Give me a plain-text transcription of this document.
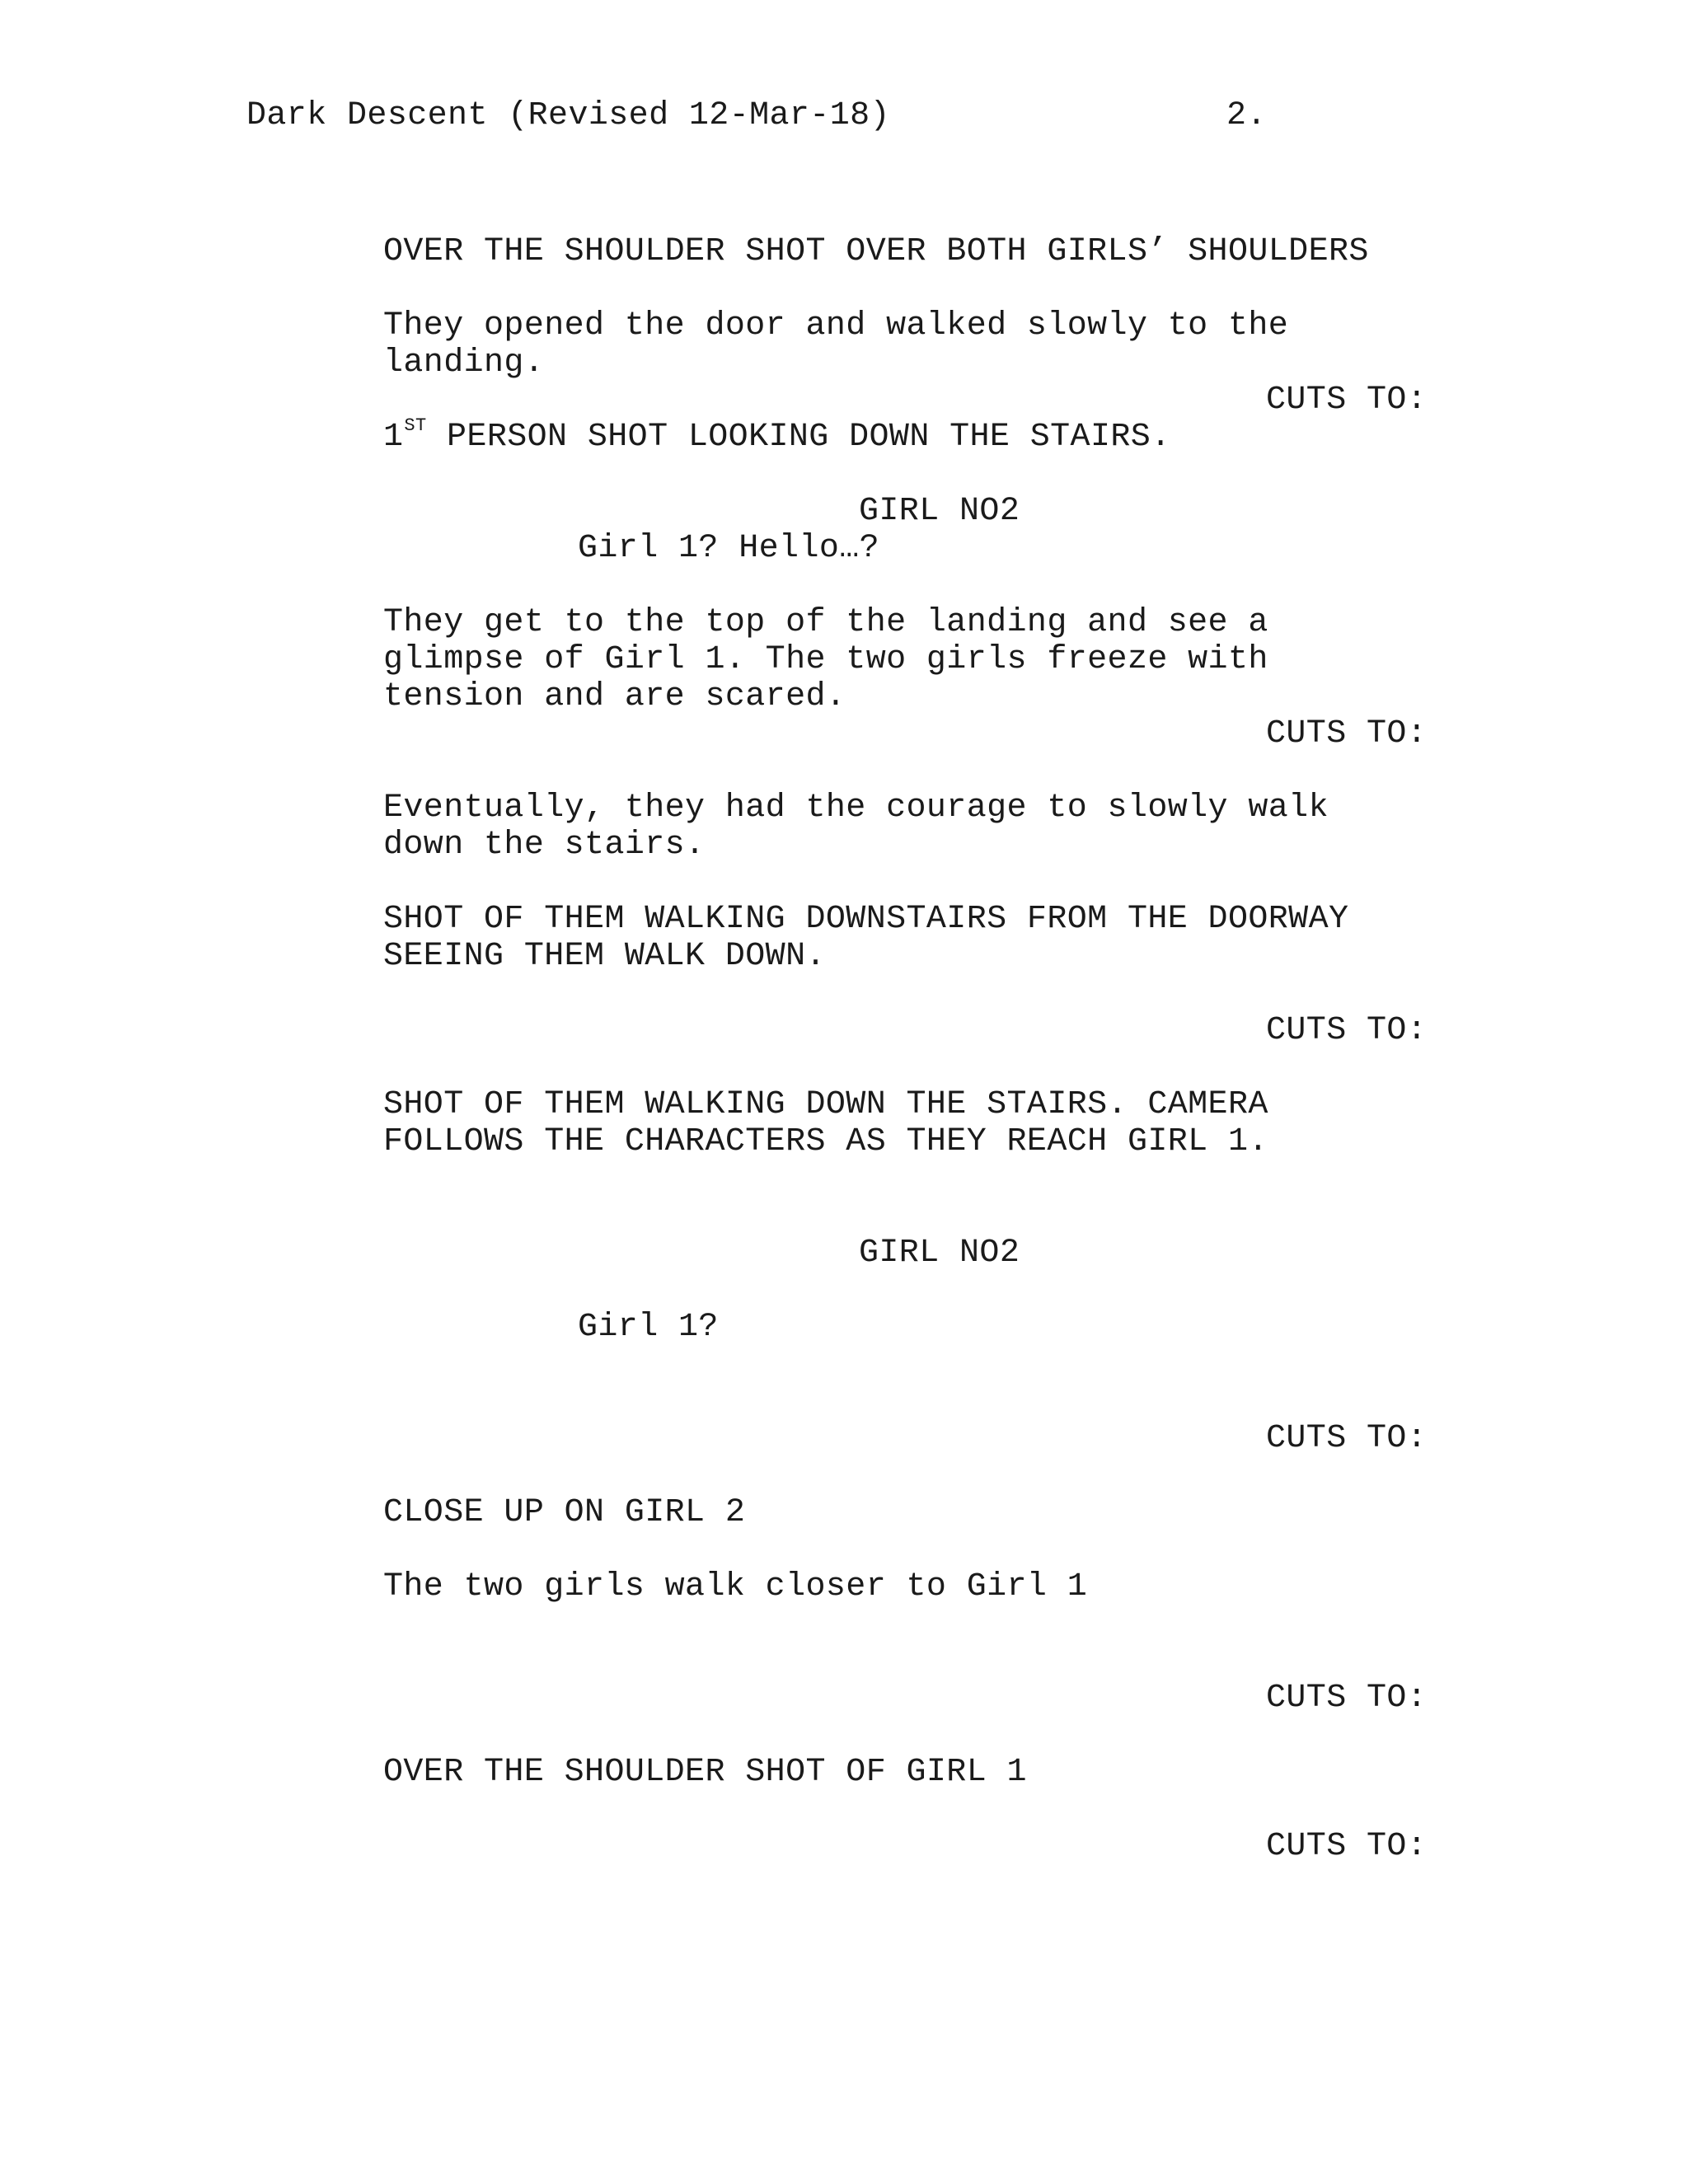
Dark Descent (Revised 12-Mar-18)	2.
OVER THE SHOULDER SHOT OVER BOTH GIRLS’ SHOULDERS
They opened the door and walked slowly to the
landing.
CUTS TO:
1ST PERSON SHOT LOOKING DOWN THE STAIRS.
GIRL NO2
Girl 1? Hello…?
They get to the top of the landing and see a
glimpse of Girl 1. The two girls freeze with
tension and are scared.
CUTS TO:
Eventually, they had the courage to slowly walk
down the stairs.
SHOT OF THEM WALKING DOWNSTAIRS FROM THE DOORWAY
SEEING THEM WALK DOWN.
CUTS TO:
SHOT OF THEM WALKING DOWN THE STAIRS. CAMERA
FOLLOWS THE CHARACTERS AS THEY REACH GIRL 1.
GIRL NO2
Girl 1?
CUTS TO:
CLOSE UP ON GIRL 2
The two girls walk closer to Girl 1
CUTS TO:
OVER THE SHOULDER SHOT OF GIRL 1
CUTS TO:
